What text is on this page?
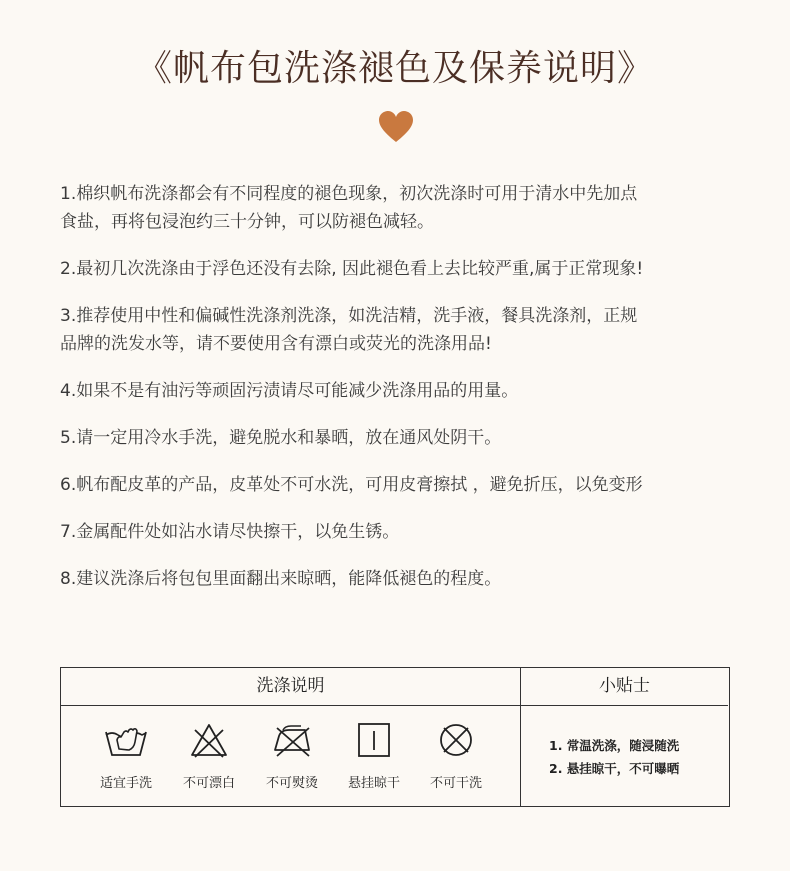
《帆布包洗涤褪色及保养说明》
1.棉织帆布洗涤都会有不同程度的褪色现象，初次洗涤时可用于清水中先加点
食盐，再将包浸泡约三十分钟，可以防褪色减轻。
2.最初几次洗涤由于浮色还没有去除, 因此褪色看上去比较严重,属于正常现象!
3.推荐使用中性和偏碱性洗涤剂洗涤，如洗洁精，洗手液，餐具洗涤剂，正规
品牌的洗发水等，请不要使用含有漂白或荧光的洗涤用品!
4.如果不是有油污等顽固污渍请尽可能减少洗涤用品的用量。
5.请一定用冷水手洗，避免脱水和暴晒，放在通风处阴干。
6.帆布配皮革的产品，皮革处不可水洗，可用皮膏擦拭 ，避免折压，以免变形
7.金属配件处如沾水请尽快擦干，以免生锈。
8.建议洗涤后将包包里面翻出来晾晒，能降低褪色的程度。
洗涤说明
适宜手洗	不可漂白	不可熨烫	悬挂晾干	不可干洗
小贴士
1. 常温洗涤，随浸随洗
2. 悬挂晾干，不可曝晒
